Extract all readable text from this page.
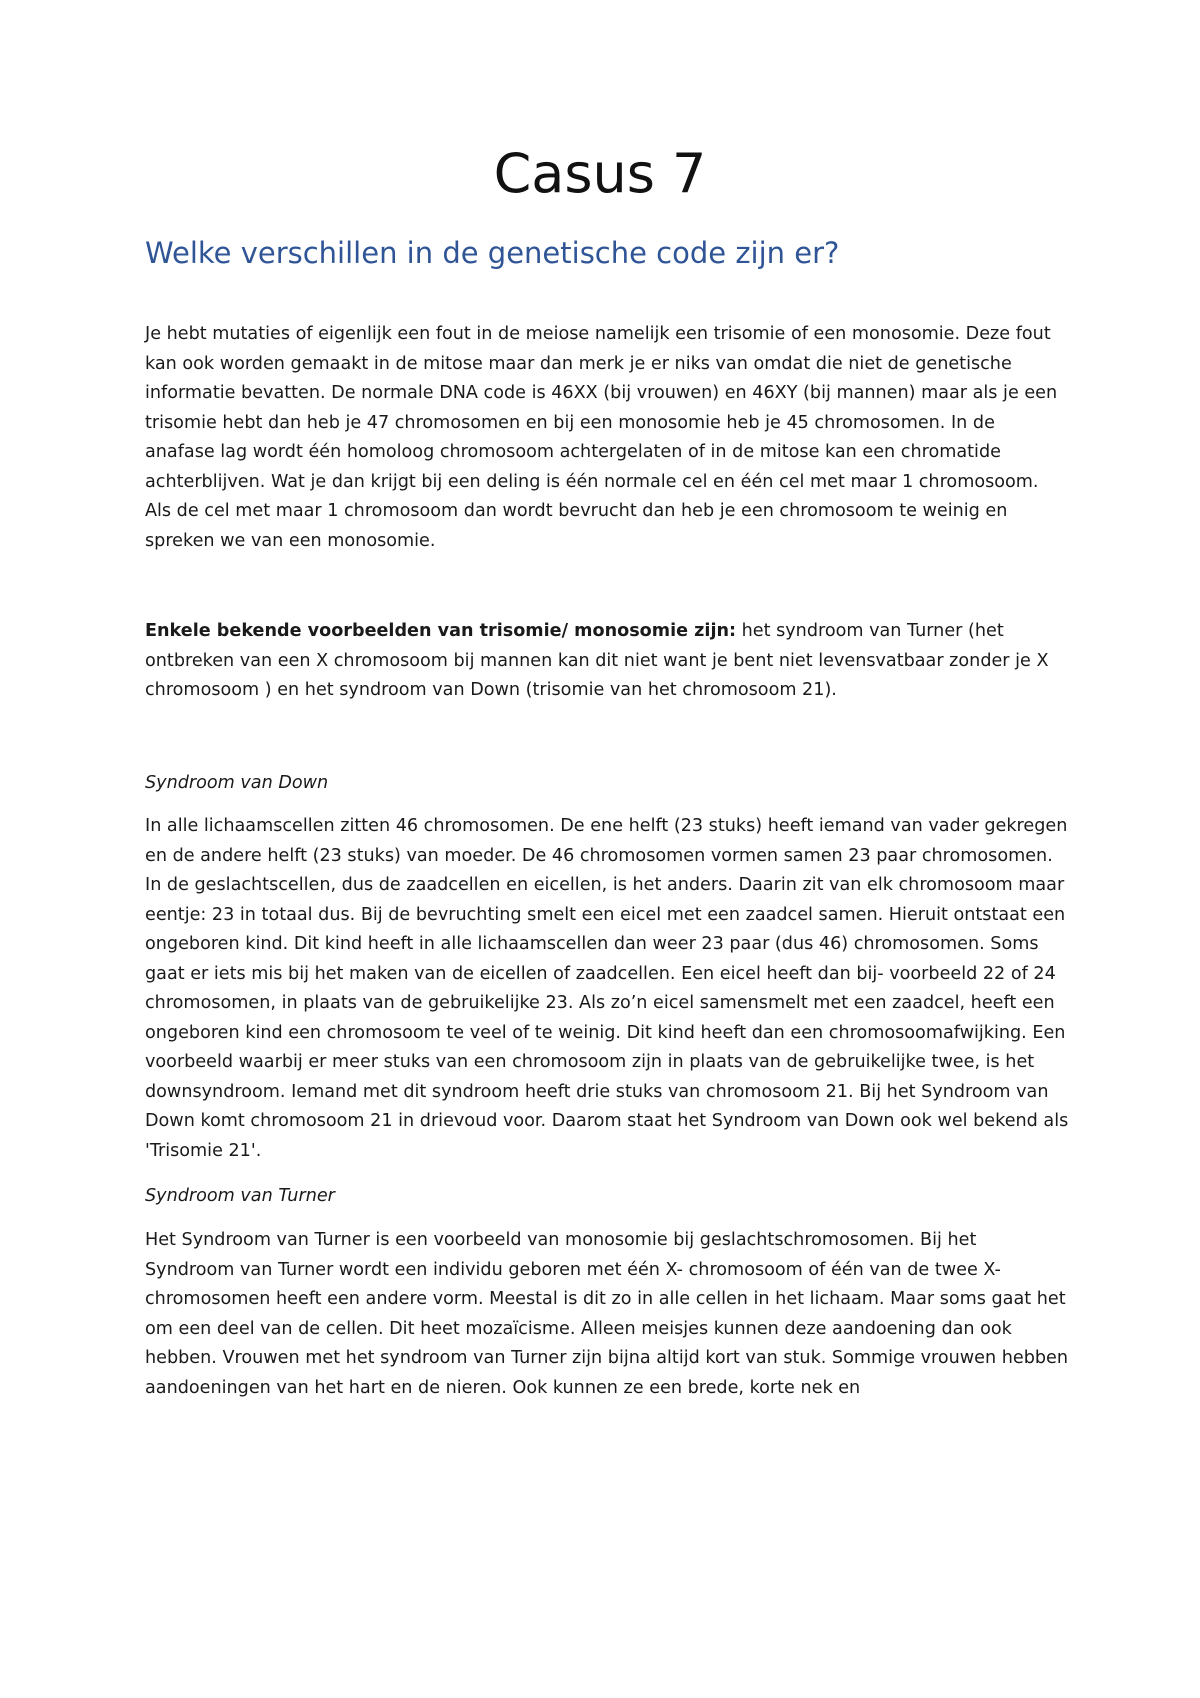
Casus 7
Welke verschillen in de genetische code zijn er?

Je hebt mutaties of eigenlijk een fout in de meiose namelijk een trisomie of een monosomie. Deze fout kan ook worden gemaakt in de mitose maar dan merk je er niks van omdat die niet de genetische informatie bevatten. De normale DNA code is 46XX (bij vrouwen) en 46XY (bij mannen) maar als je een trisomie hebt dan heb je 47 chromosomen en bij een monosomie heb je 45 chromosomen. In de anafase lag wordt één homoloog chromosoom achtergelaten of in de mitose kan een chromatide achterblijven. Wat je dan krijgt bij een deling is één normale cel en één cel met maar 1 chromosoom. Als de cel met maar 1 chromosoom dan wordt bevrucht dan heb je een chromosoom te weinig en spreken we van een monosomie.

Enkele bekende voorbeelden van trisomie/ monosomie zijn: het syndroom van Turner (het ontbreken van een X chromosoom bij mannen kan dit niet want je bent niet levensvatbaar zonder je X chromosoom ) en het syndroom van Down (trisomie van het chromosoom 21).

Syndroom van Down

In alle lichaamscellen zitten 46 chromosomen. De ene helft (23 stuks) heeft iemand van vader gekregen en de andere helft (23 stuks) van moeder. De 46 chromosomen vormen samen 23 paar chromosomen. In de geslachtscellen, dus de zaadcellen en eicellen, is het anders. Daarin zit van elk chromosoom maar eentje: 23 in totaal dus. Bij de bevruchting smelt een eicel met een zaadcel samen. Hieruit ontstaat een ongeboren kind. Dit kind heeft in alle lichaamscellen dan weer 23 paar (dus 46) chromosomen. Soms gaat er iets mis bij het maken van de eicellen of zaadcellen. Een eicel heeft dan bij- voorbeeld 22 of 24 chromosomen, in plaats van de gebruikelijke 23. Als zo’n eicel samensmelt met een zaadcel, heeft een ongeboren kind een chromosoom te veel of te weinig. Dit kind heeft dan een chromosoomafwijking. Een voorbeeld waarbij er meer stuks van een chromosoom zijn in plaats van de gebruikelijke twee, is het downsyndroom. Iemand met dit syndroom heeft drie stuks van chromosoom 21. Bij het Syndroom van Down komt chromosoom 21 in drievoud voor. Daarom staat het Syndroom van Down ook wel bekend als 'Trisomie 21'.

Syndroom van Turner

Het Syndroom van Turner is een voorbeeld van monosomie bij geslachtschromosomen. Bij het Syndroom van Turner wordt een individu geboren met één X- chromosoom of één van de twee X- chromosomen heeft een andere vorm. Meestal is dit zo in alle cellen in het lichaam. Maar soms gaat het om een deel van de cellen. Dit heet mozaïcisme. Alleen meisjes kunnen deze aandoening dan ook hebben. Vrouwen met het syndroom van Turner zijn bijna altijd kort van stuk. Sommige vrouwen hebben aandoeningen van het hart en de nieren. Ook kunnen ze een brede, korte nek en
